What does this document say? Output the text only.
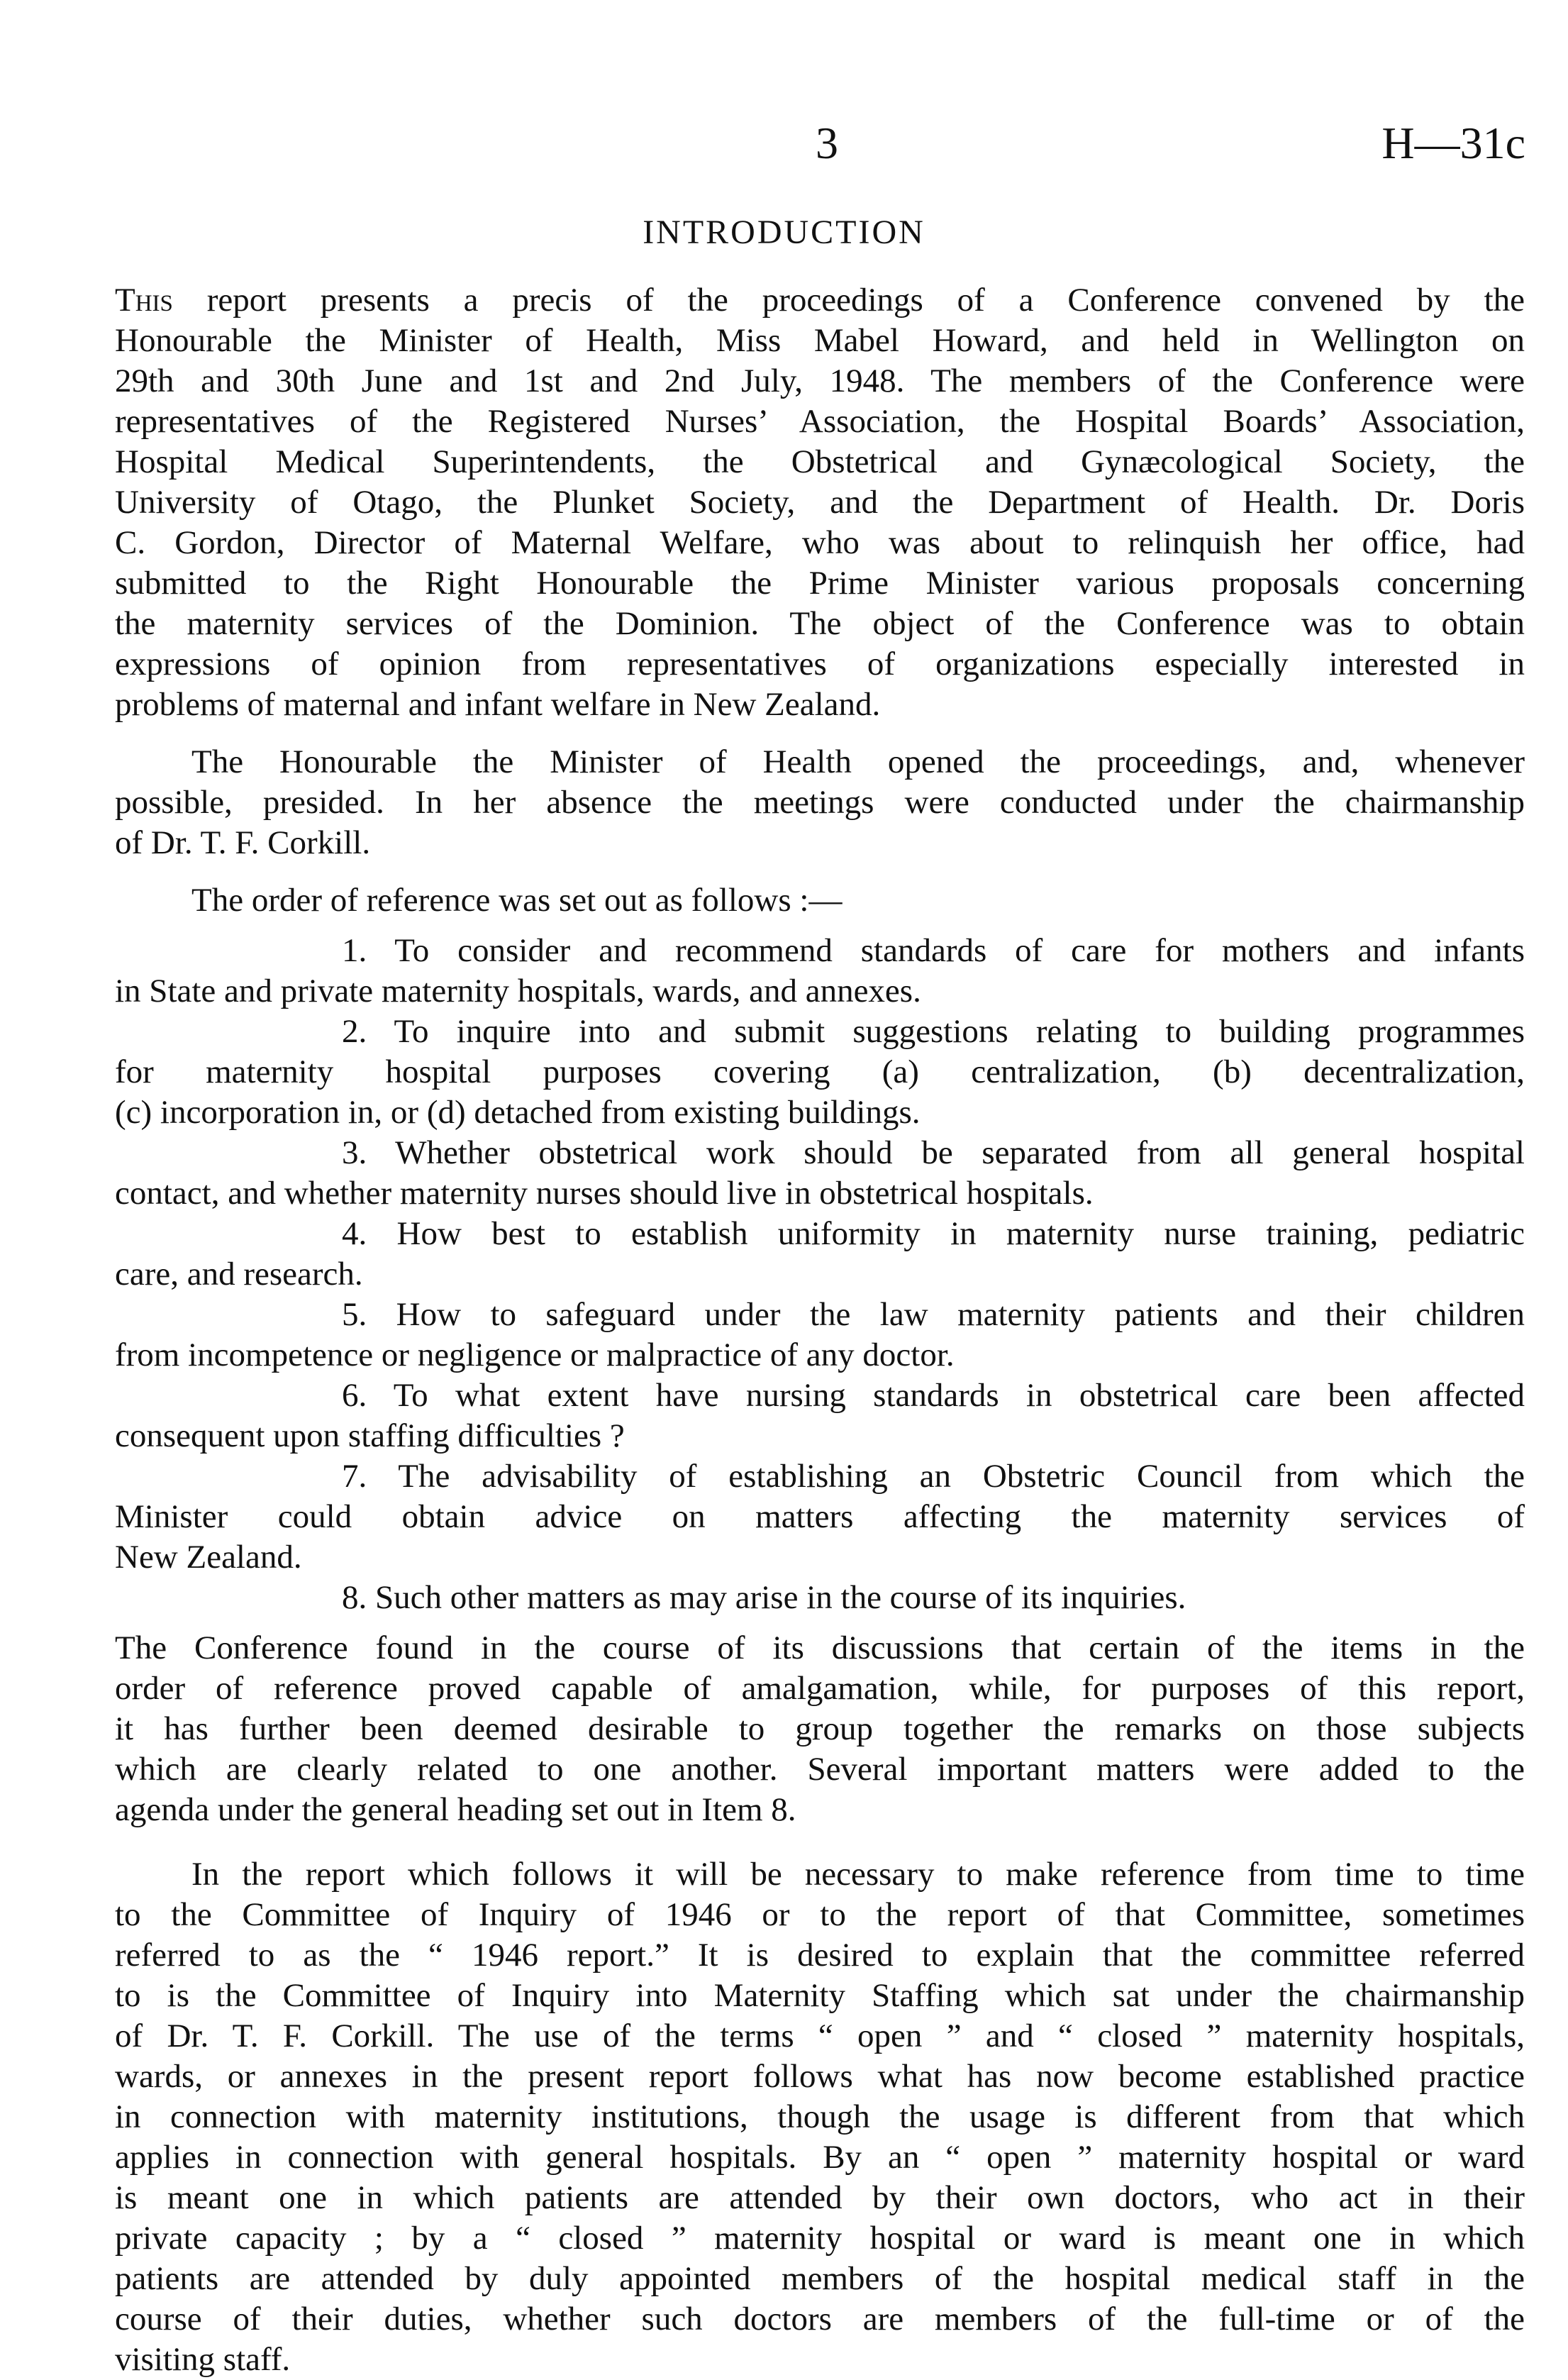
3	H—31c
INTRODUCTION
This report presents a precis of the proceedings of a Conference convened by the
Honourable the Minister of Health, Miss Mabel Howard, and held in Wellington on
29th and 30th June and 1st and 2nd July, 1948. The members of the Conference were
representatives of the Registered Nurses’ Association, the Hospital Boards’ Association,
Hospital Medical Superintendents, the Obstetrical and Gynæcological Society, the
University of Otago, the Plunket Society, and the Department of Health. Dr. Doris
C. Gordon, Director of Maternal Welfare, who was about to relinquish her office, had
submitted to the Right Honourable the Prime Minister various proposals concerning
the maternity services of the Dominion. The object of the Conference was to obtain
expressions of opinion from representatives of organizations especially interested in
problems of maternal and infant welfare in New Zealand.
The Honourable the Minister of Health opened the proceedings, and, whenever
possible, presided. In her absence the meetings were conducted under the chairmanship
of Dr. T. F. Corkill.
The order of reference was set out as follows :—
1. To consider and recommend standards of care for mothers and infants
in State and private maternity hospitals, wards, and annexes.
2. To inquire into and submit suggestions relating to building programmes
for maternity hospital purposes covering (a) centralization, (b) decentralization,
(c) incorporation in, or (d) detached from existing buildings.
3. Whether obstetrical work should be separated from all general hospital
contact, and whether maternity nurses should live in obstetrical hospitals.
4. How best to establish uniformity in maternity nurse training, pediatric
care, and research.
5. How to safeguard under the law maternity patients and their children
from incompetence or negligence or malpractice of any doctor.
6. To what extent have nursing standards in obstetrical care been affected
consequent upon staffing difficulties ?
7. The advisability of establishing an Obstetric Council from which the
Minister could obtain advice on matters affecting the maternity services of
New Zealand.
8. Such other matters as may arise in the course of its inquiries.
The Conference found in the course of its discussions that certain of the items in the
order of reference proved capable of amalgamation, while, for purposes of this report,
it has further been deemed desirable to group together the remarks on those subjects
which are clearly related to one another. Several important matters were added to the
agenda under the general heading set out in Item 8.
In the report which follows it will be necessary to make reference from time to time
to the Committee of Inquiry of 1946 or to the report of that Committee, sometimes
referred to as the “ 1946 report.” It is desired to explain that the committee referred
to is the Committee of Inquiry into Maternity Staffing which sat under the chairmanship
of Dr. T. F. Corkill. The use of the terms “ open ” and “ closed ” maternity hospitals,
wards, or annexes in the present report follows what has now become established practice
in connection with maternity institutions, though the usage is different from that which
applies in connection with general hospitals. By an “ open ” maternity hospital or ward
is meant one in which patients are attended by their own doctors, who act in their
private capacity ; by a “ closed ” maternity hospital or ward is meant one in which
patients are attended by duly appointed members of the hospital medical staff in the
course of their duties, whether such doctors are members of the full-time or of the
visiting staff.
